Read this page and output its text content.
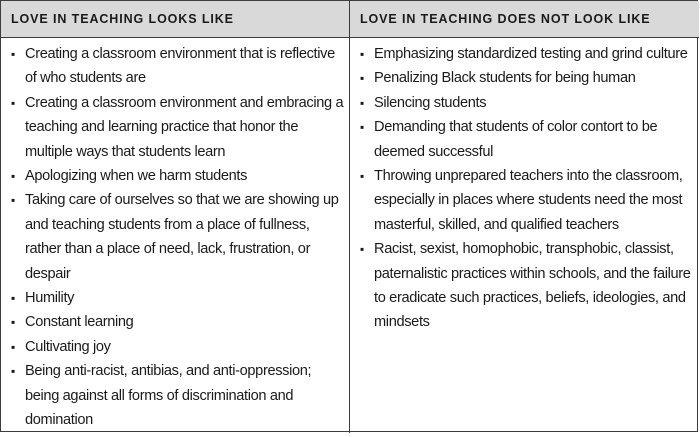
LOVE IN TEACHING LOOKS LIKE	LOVE IN TEACHING DOES NOT LOOK LIKE
▪ Creating a classroom environment that is reflective of who students are
▪ Creating a classroom environment and embracing a teaching and learning practice that honor the multiple ways that students learn
▪ Apologizing when we harm students
▪ Taking care of ourselves so that we are showing up and teaching students from a place of fullness, rather than a place of need, lack, frustration, or despair
▪ Humility
▪ Constant learning
▪ Cultivating joy
▪ Being anti-racist, antibias, and anti-oppression; being against all forms of discrimination and domination
▪ Emphasizing standardized testing and grind culture
▪ Penalizing Black students for being human
▪ Silencing students
▪ Demanding that students of color contort to be deemed successful
▪ Throwing unprepared teachers into the classroom, especially in places where students need the most masterful, skilled, and qualified teachers
▪ Racist, sexist, homophobic, transphobic, classist, paternalistic practices within schools, and the failure to eradicate such practices, beliefs, ideologies, and mindsets
